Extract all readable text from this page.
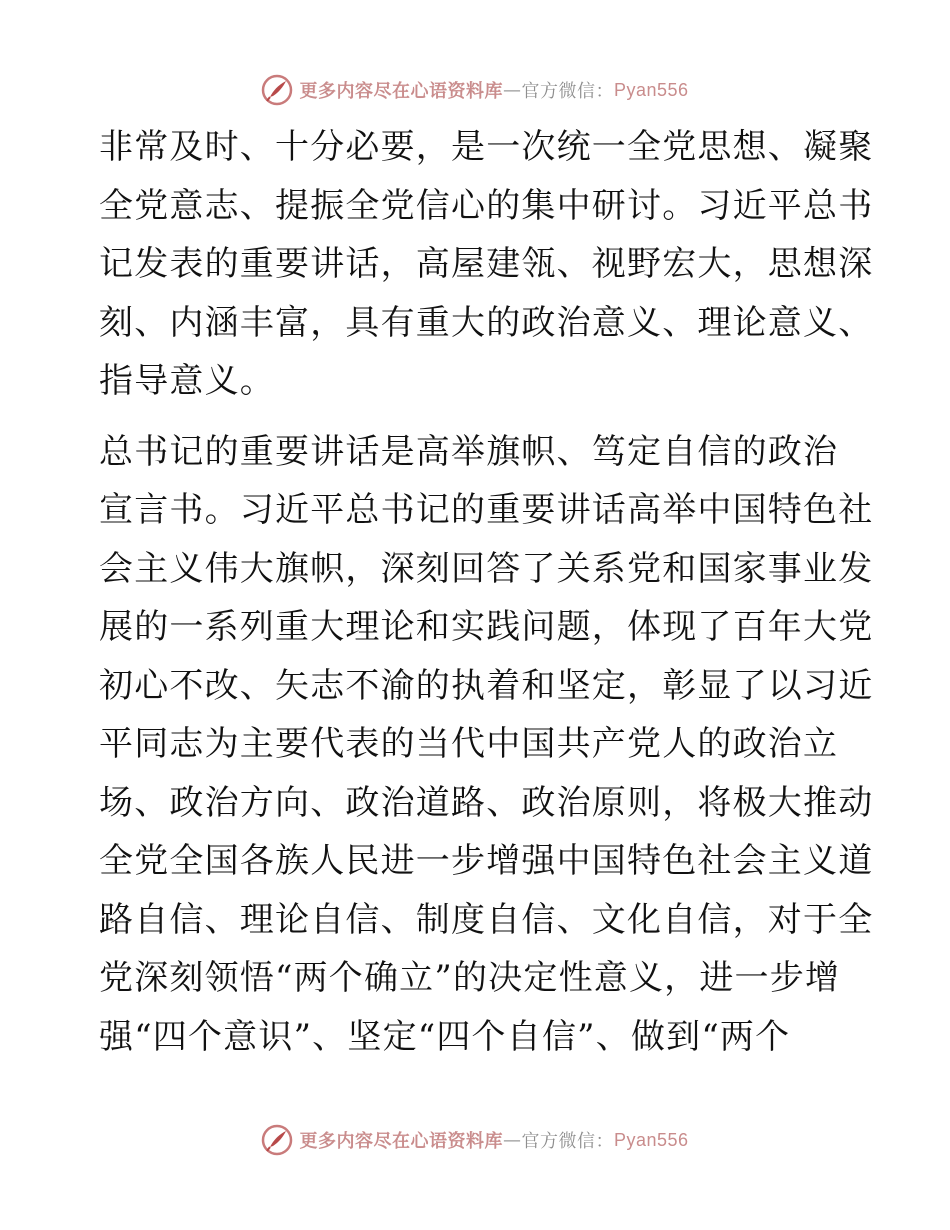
更多内容尽在心语资料库 — 官方微信： Pyan556
非常及时、十分必要，是一次统一全党思想、凝聚
全党意志、提振全党信心的集中研讨。习近平总书
记发表的重要讲话，高屋建瓴、视野宏大，思想深
刻、内涵丰富，具有重大的政治意义、理论意义、
指导意义。
总书记的重要讲话是高举旗帜、笃定自信的政治
宣言书。习近平总书记的重要讲话高举中国特色社
会主义伟大旗帜，深刻回答了关系党和国家事业发
展的一系列重大理论和实践问题，体现了百年大党
初心不改、矢志不渝的执着和坚定，彰显了以习近
平同志为主要代表的当代中国共产党人的政治立
场、政治方向、政治道路、政治原则，将极大推动
全党全国各族人民进一步增强中国特色社会主义道
路自信、理论自信、制度自信、文化自信，对于全
党深刻领悟“两个确立”的决定性意义，进一步增
强“四个意识”、坚定“四个自信”、做到“两个
更多内容尽在心语资料库 — 官方微信： Pyan556
